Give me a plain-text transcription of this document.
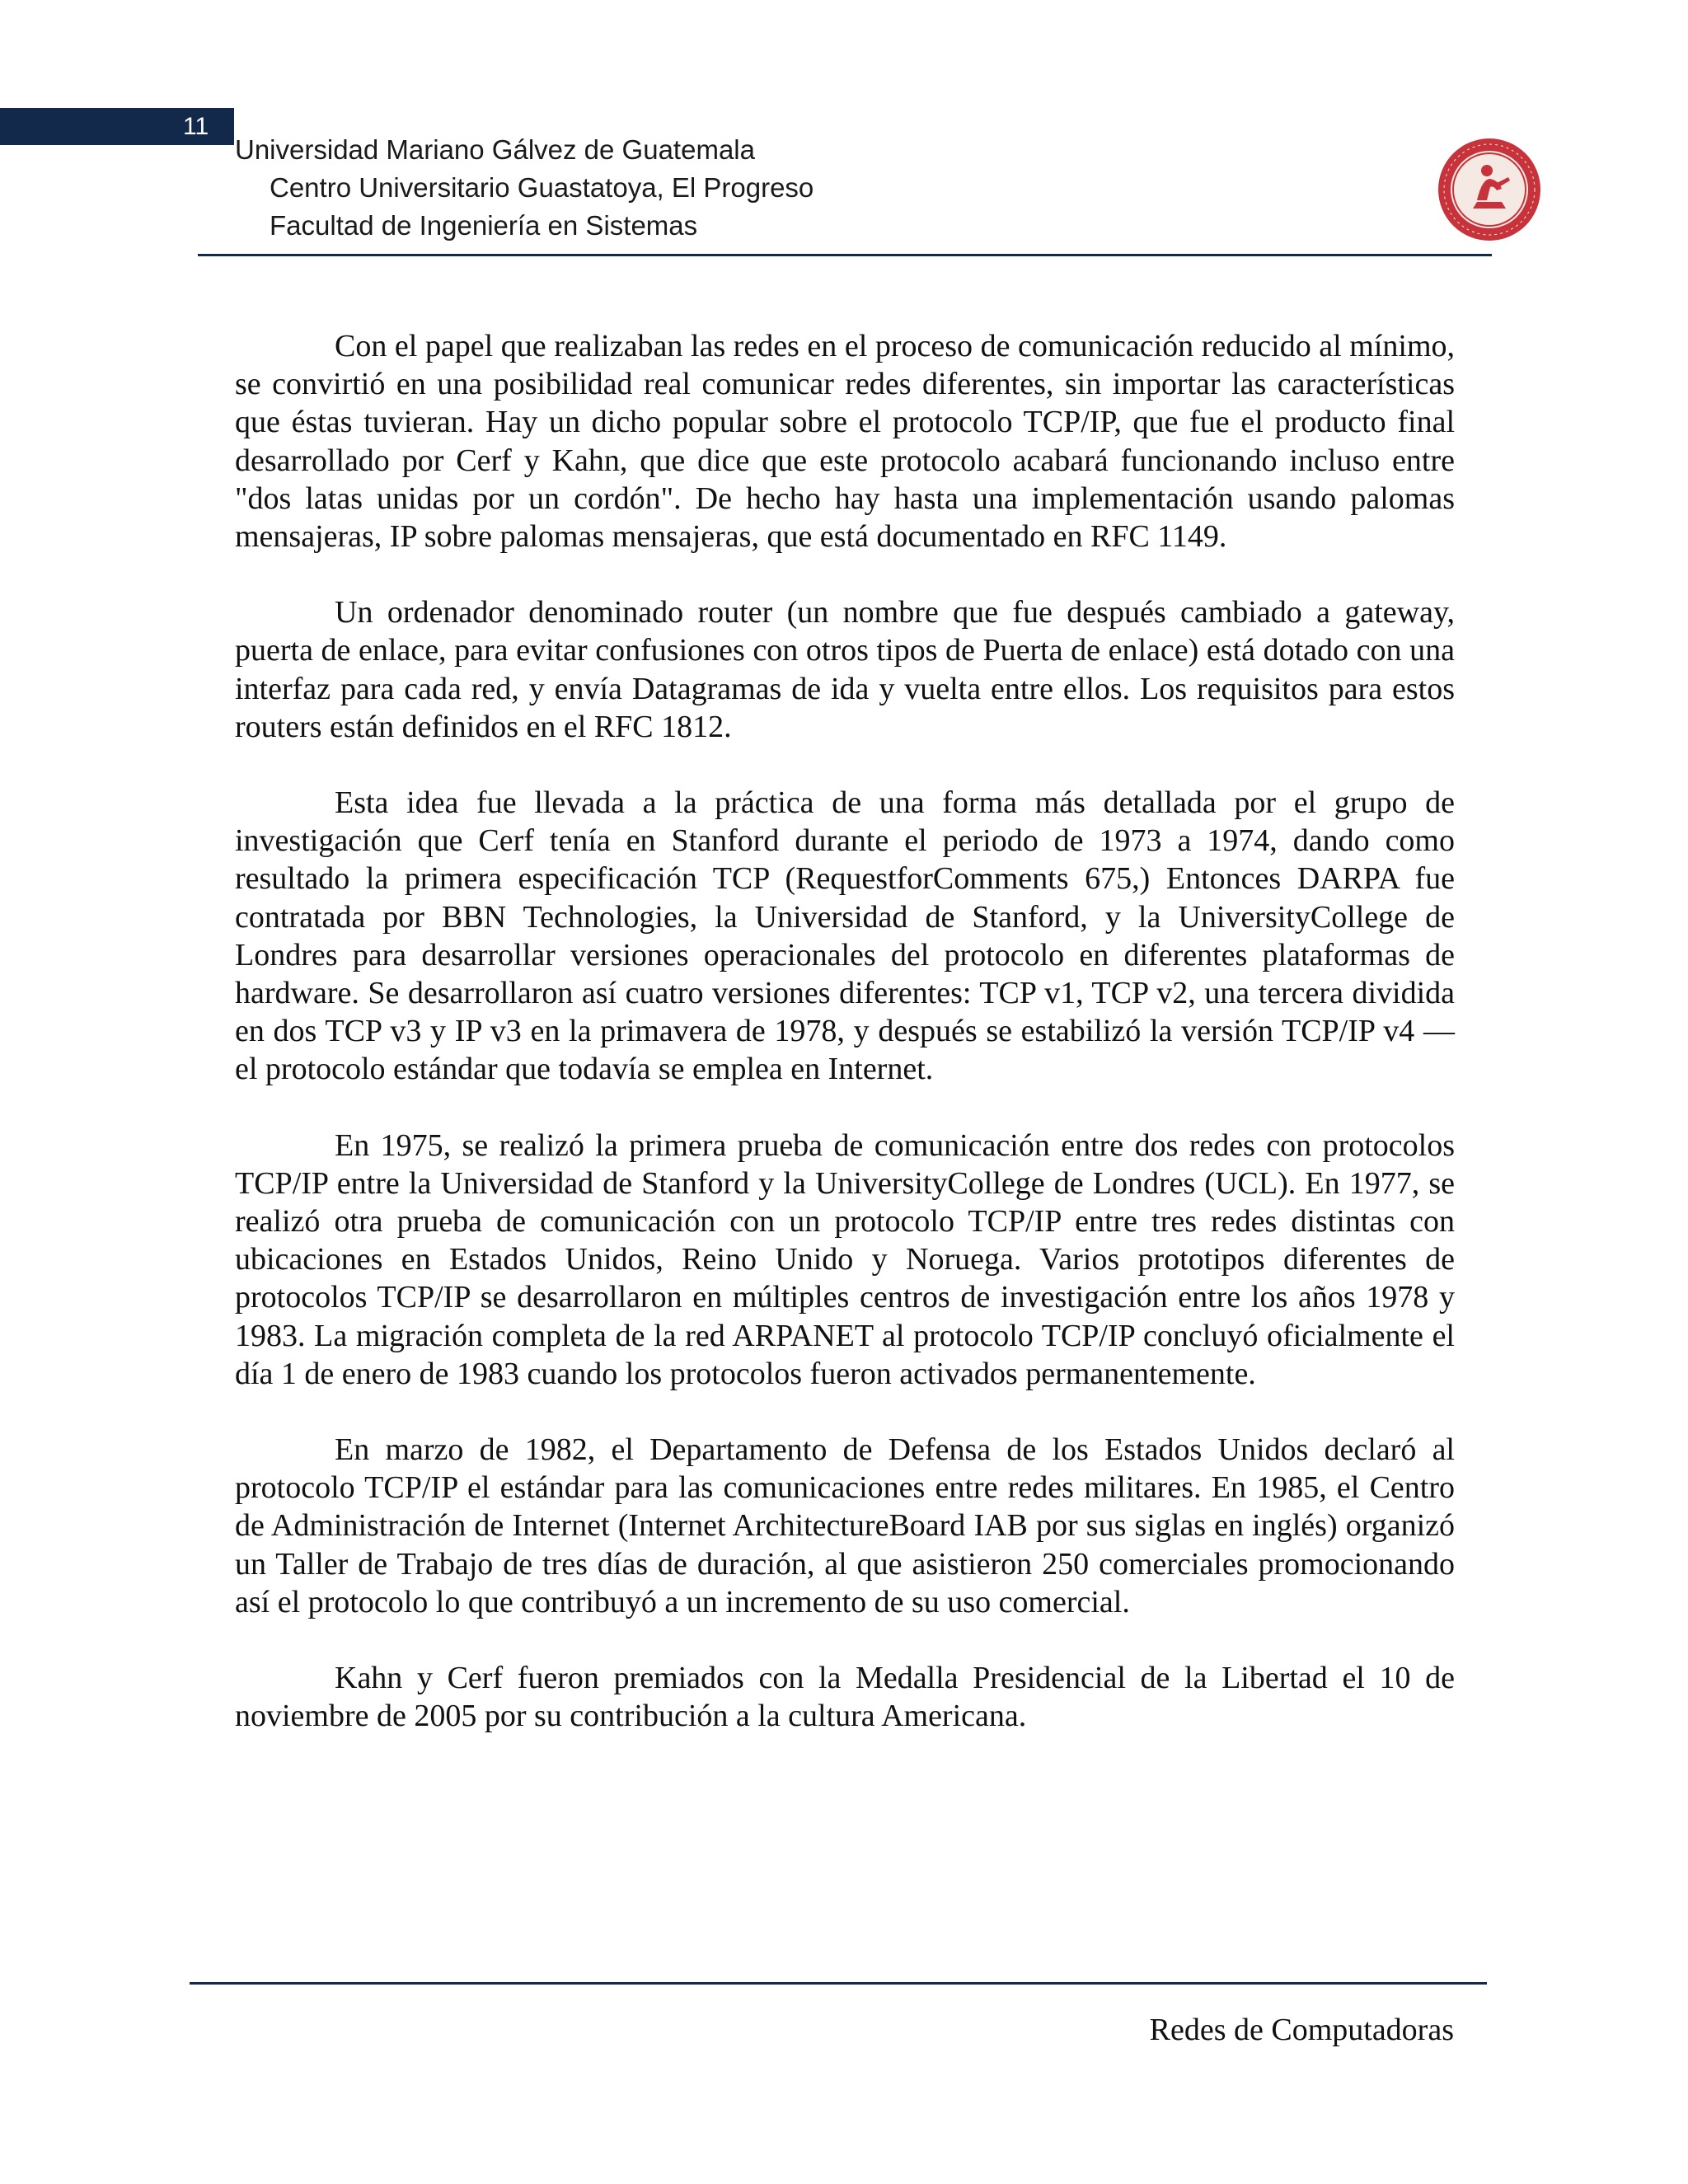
11
Universidad Mariano Gálvez de Guatemala
Centro Universitario Guastatoya, El Progreso
Facultad de Ingeniería en Sistemas

Con el papel que realizaban las redes en el proceso de comunicación reducido al mínimo, se convirtió en una posibilidad real comunicar redes diferentes, sin importar las características que éstas tuvieran. Hay un dicho popular sobre el protocolo TCP/IP, que fue el producto final desarrollado por Cerf y Kahn, que dice que este protocolo acabará funcionando incluso entre "dos latas unidas por un cordón". De hecho hay hasta una implementación usando palomas mensajeras, IP sobre palomas mensajeras, que está documentado en RFC 1149.

Un ordenador denominado router (un nombre que fue después cambiado a gateway, puerta de enlace, para evitar confusiones con otros tipos de Puerta de enlace) está dotado con una interfaz para cada red, y envía Datagramas de ida y vuelta entre ellos. Los requisitos para estos routers están definidos en el RFC 1812.

Esta idea fue llevada a la práctica de una forma más detallada por el grupo de investigación que Cerf tenía en Stanford durante el periodo de 1973 a 1974, dando como resultado la primera especificación TCP (RequestforComments 675,) Entonces DARPA fue contratada por BBN Technologies, la Universidad de Stanford, y la UniversityCollege de Londres para desarrollar versiones operacionales del protocolo en diferentes plataformas de hardware. Se desarrollaron así cuatro versiones diferentes: TCP v1, TCP v2, una tercera dividida en dos TCP v3 y IP v3 en la primavera de 1978, y después se estabilizó la versión TCP/IP v4 — el protocolo estándar que todavía se emplea en Internet.

En 1975, se realizó la primera prueba de comunicación entre dos redes con protocolos TCP/IP entre la Universidad de Stanford y la UniversityCollege de Londres (UCL). En 1977, se realizó otra prueba de comunicación con un protocolo TCP/IP entre tres redes distintas con ubicaciones en Estados Unidos, Reino Unido y Noruega. Varios prototipos diferentes de protocolos TCP/IP se desarrollaron en múltiples centros de investigación entre los años 1978 y 1983. La migración completa de la red ARPANET al protocolo TCP/IP concluyó oficialmente el día 1 de enero de 1983 cuando los protocolos fueron activados permanentemente.

En marzo de 1982, el Departamento de Defensa de los Estados Unidos declaró al protocolo TCP/IP el estándar para las comunicaciones entre redes militares. En 1985, el Centro de Administración de Internet (Internet ArchitectureBoard IAB por sus siglas en inglés) organizó un Taller de Trabajo de tres días de duración, al que asistieron 250 comerciales promocionando así el protocolo lo que contribuyó a un incremento de su uso comercial.

Kahn y Cerf fueron premiados con la Medalla Presidencial de la Libertad el 10 de noviembre de 2005 por su contribución a la cultura Americana.

Redes de Computadoras
